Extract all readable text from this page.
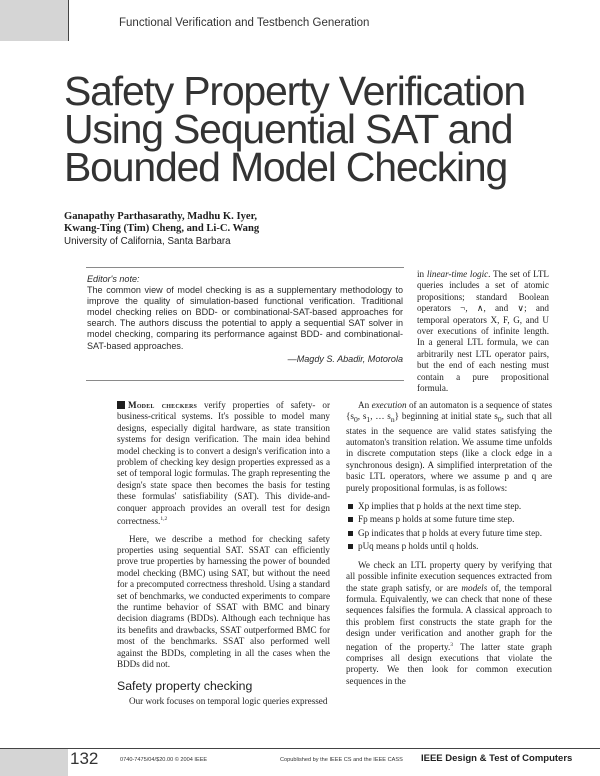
Functional Verification and Testbench Generation
Safety Property Verification
Using Sequential SAT and
Bounded Model Checking
Ganapathy Parthasarathy, Madhu K. Iyer,
Kwang-Ting (Tim) Cheng, and Li-C. Wang
University of California, Santa Barbara
Editor's note:
The common view of model checking is as a supplementary methodology to improve the quality of simulation-based functional verification. Traditional model checking relies on BDD- or combinational-SAT-based approaches for search. The authors discuss the potential to apply a sequential SAT solver in model checking, comparing its performance against BDD- and combinational-SAT-based approaches.
—Magdy S. Abadir, Motorola

in linear-time logic. The set of LTL queries includes a set of atomic propositions; standard Boolean operators ¬, ∧, and ∨; and temporal operators X, F, G, and U over executions of infinite length. In a general LTL formula, we can arbitrarily nest LTL operator pairs, but the end of each nesting must contain a pure propositional formula.

Model checkers verify properties of safety- or business-critical systems. It's possible to model many designs, especially digital hardware, as state transition systems for design verification. The main idea behind model checking is to convert a design's verification into a problem of checking key design properties expressed as a set of temporal logic formulas. The graph representing the design's state space then becomes the basis for testing these formulas' satisfiability (SAT). This divide-and-conquer approach provides an overall test for design correctness.$^{1,2}$

Here, we describe a method for checking safety properties using sequential SAT. SSAT can efficiently prove true properties by harnessing the power of bounded model checking (BMC) using SAT, but without the need for a precomputed correctness threshold. Using a standard set of benchmarks, we conducted experiments to compare the runtime behavior of SSAT with BMC and binary decision diagrams (BDDs). Although each technique has its benefits and drawbacks, SSAT outperformed BMC for most of the benchmarks. SSAT also performed well against the BDDs, completing in all the cases when the BDDs did not.

Safety property checking

Our work focuses on temporal logic queries expressed

An execution of an automaton is a sequence of states {$s_0$, $s_1$, … $s_n$} beginning at initial state $s_0$, such that all states in the sequence are valid states satisfying the automaton's transition relation. We assume time unfolds in discrete computation steps (like a clock edge in a synchronous design). A simplified interpretation of the basic LTL operators, where we assume p and q are purely propositional formulas, is as follows:

Xp implies that p holds at the next time step.
Fp means p holds at some future time step.
Gp indicates that p holds at every future time step.
pUq means p holds until q holds.

We check an LTL property query by verifying that all possible infinite execution sequences extracted from the state graph satisfy, or are models of, the temporal formula. Equivalently, we can check that none of these sequences falsifies the formula. A classical approach to this problem first constructs the state graph for the design under verification and another graph for the negation of the property.$^3$ The latter state graph comprises all design executions that violate the property. We then look for common execution sequences in the

132	0740-7475/04/$20.00 © 2004 IEEE	Copublished by the IEEE CS and the IEEE CASS IEEE Design & Test of Computers
